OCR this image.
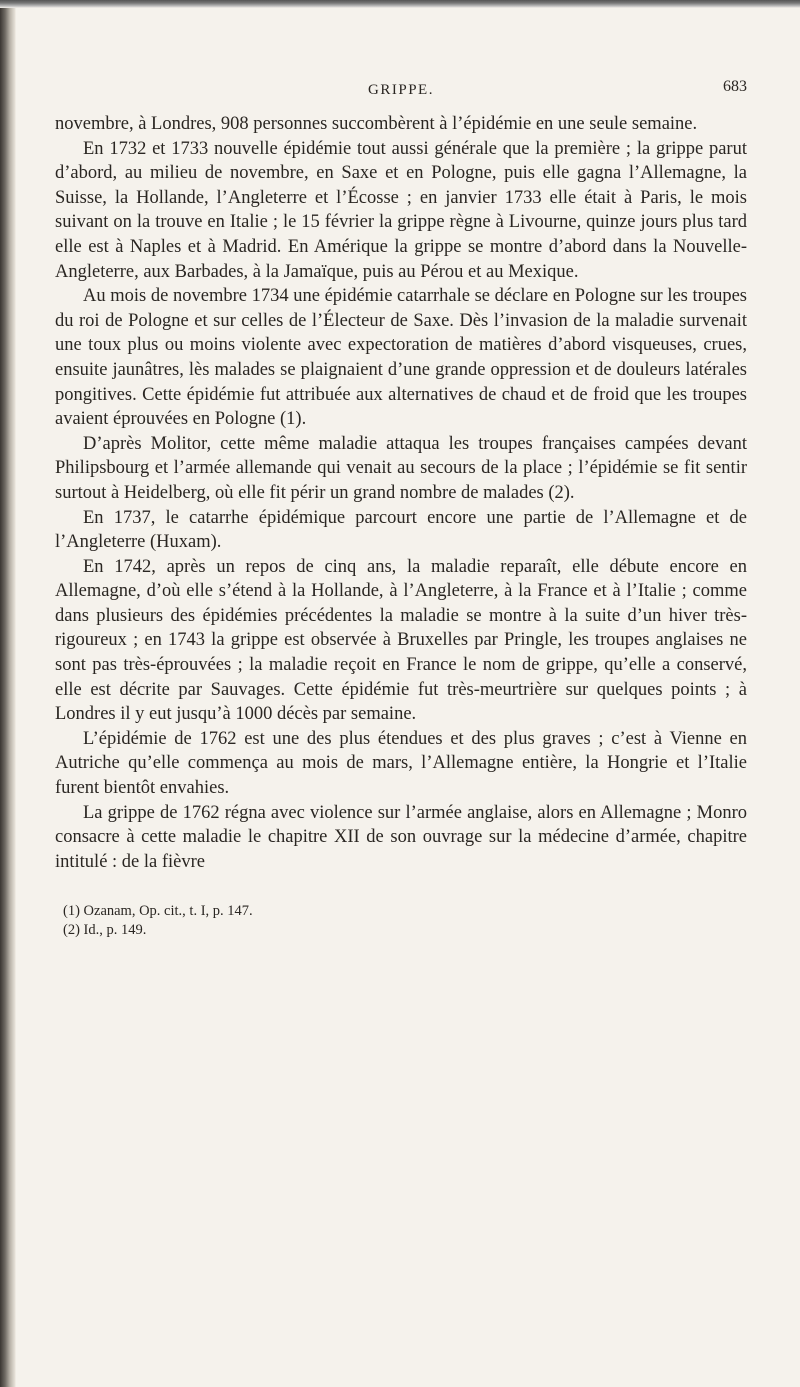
GRIPPE.	683

novembre, à Londres, 908 personnes succombèrent à l’épidémie en une seule semaine.

En 1732 et 1733 nouvelle épidémie tout aussi générale que la première ; la grippe parut d’abord, au milieu de novembre, en Saxe et en Pologne, puis elle gagna l’Allemagne, la Suisse, la Hollande, l’Angleterre et l’Écosse ; en janvier 1733 elle était à Paris, le mois suivant on la trouve en Italie ; le 15 février la grippe règne à Livourne, quinze jours plus tard elle est à Naples et à Madrid. En Amérique la grippe se montre d’abord dans la Nouvelle-Angleterre, aux Barbades, à la Jamaïque, puis au Pérou et au Mexique.

Au mois de novembre 1734 une épidémie catarrhale se déclare en Pologne sur les troupes du roi de Pologne et sur celles de l’Électeur de Saxe. Dès l’invasion de la maladie survenait une toux plus ou moins violente avec expectoration de matières d’abord visqueuses, crues, ensuite jaunâtres, lès malades se plaignaient d’une grande oppression et de douleurs latérales pongitives. Cette épidémie fut attribuée aux alternatives de chaud et de froid que les troupes avaient éprouvées en Pologne (1).

D’après Molitor, cette même maladie attaqua les troupes françaises campées devant Philipsbourg et l’armée allemande qui venait au secours de la place ; l’épidémie se fit sentir surtout à Heidelberg, où elle fit périr un grand nombre de malades (2).

En 1737, le catarrhe épidémique parcourt encore une partie de l’Allemagne et de l’Angleterre (Huxam).

En 1742, après un repos de cinq ans, la maladie reparaît, elle débute encore en Allemagne, d’où elle s’étend à la Hollande, à l’Angleterre, à la France et à l’Italie ; comme dans plusieurs des épidémies précédentes la maladie se montre à la suite d’un hiver très-rigoureux ; en 1743 la grippe est observée à Bruxelles par Pringle, les troupes anglaises ne sont pas très-éprouvées ; la maladie reçoit en France le nom de grippe, qu’elle a conservé, elle est décrite par Sauvages. Cette épidémie fut très-meurtrière sur quelques points ; à Londres il y eut jusqu’à 1000 décès par semaine.

L’épidémie de 1762 est une des plus étendues et des plus graves ; c’est à Vienne en Autriche qu’elle commença au mois de mars, l’Allemagne entière, la Hongrie et l’Italie furent bientôt envahies.

La grippe de 1762 régna avec violence sur l’armée anglaise, alors en Allemagne ; Monro consacre à cette maladie le chapitre XII de son ouvrage sur la médecine d’armée, chapitre intitulé : de la fièvre

(1) Ozanam, Op. cit., t. I, p. 147.

(2) Id., p. 149.
